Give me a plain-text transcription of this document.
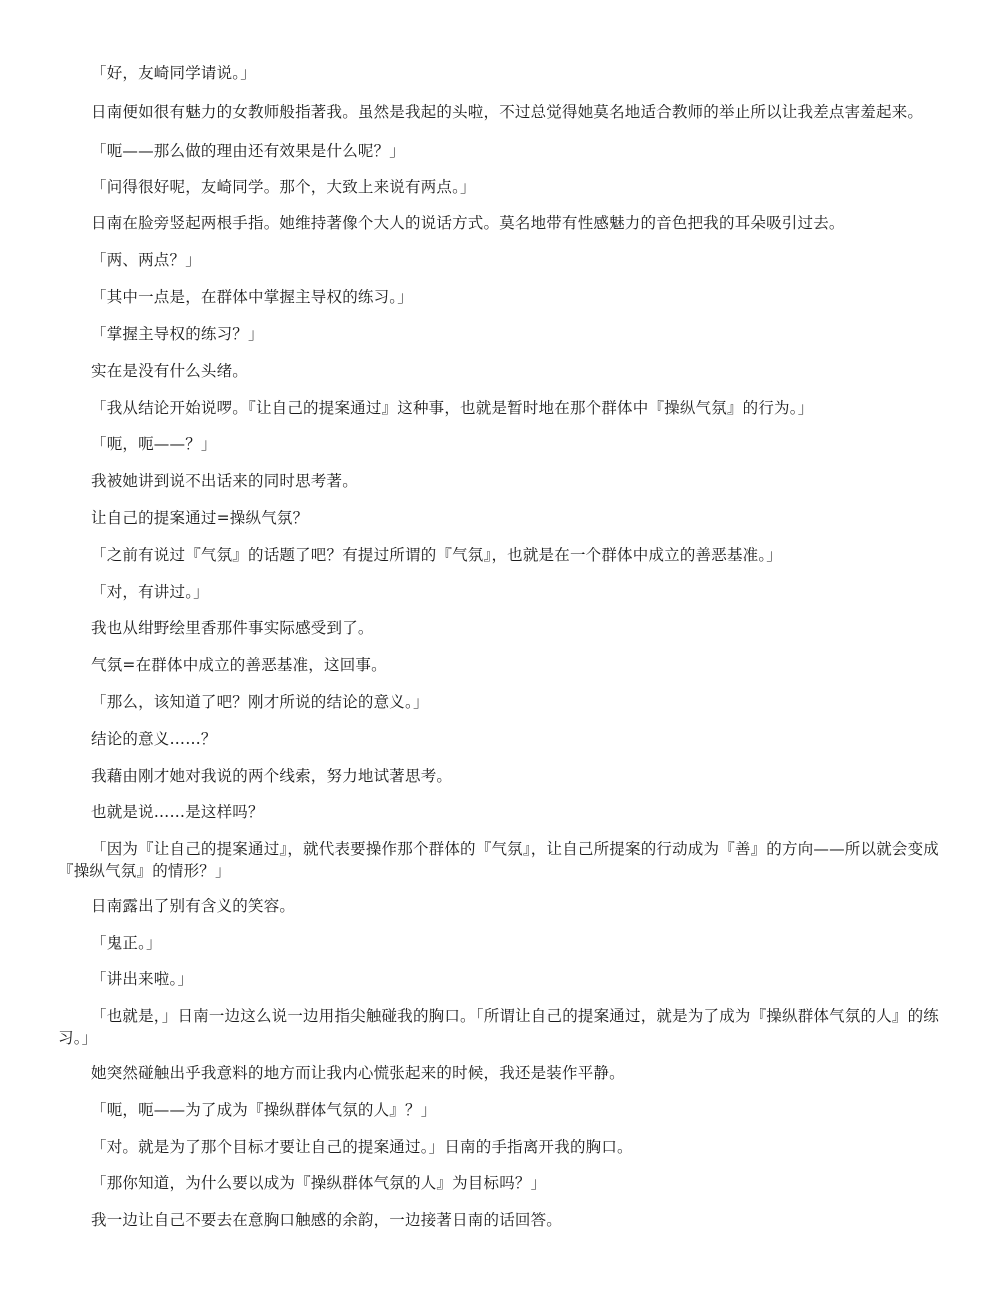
「好，友崎同学请说。」

日南便如很有魅力的女教师般指著我。虽然是我起的头啦，不过总觉得她莫名地适合教师的举止所以让我差点害羞起来。

「呃——那么做的理由还有效果是什么呢？」

「问得很好呢，友崎同学。那个，大致上来说有两点。」

日南在脸旁竖起两根手指。她维持著像个大人的说话方式。莫名地带有性感魅力的音色把我的耳朵吸引过去。

「两、两点？」

「其中一点是，在群体中掌握主导权的练习。」

「掌握主导权的练习？」

实在是没有什么头绪。

「我从结论开始说啰。『让自己的提案通过』这种事，也就是暂时地在那个群体中『操纵气氛』的行为。」

「呃，呃——？」

我被她讲到说不出话来的同时思考著。

让自己的提案通过=操纵气氛？

「之前有说过『气氛』的话题了吧？有提过所谓的『气氛』，也就是在一个群体中成立的善恶基准。」

「对，有讲过。」

我也从绀野绘里香那件事实际感受到了。

气氛=在群体中成立的善恶基准，这回事。

「那么，该知道了吧？刚才所说的结论的意义。」

结论的意义……？

我藉由刚才她对我说的两个线索，努力地试著思考。

也就是说……是这样吗？

「因为『让自己的提案通过』，就代表要操作那个群体的『气氛』，让自己所提案的行动成为『善』的方向——所以就会变成『操纵气氛』的情形？」

日南露出了别有含义的笑容。

「鬼正。」

「讲出来啦。」

「也就是，」日南一边这么说一边用指尖触碰我的胸口。「所谓让自己的提案通过，就是为了成为『操纵群体气氛的人』的练习。」

她突然碰触出乎我意料的地方而让我内心慌张起来的时候，我还是装作平静。

「呃，呃——为了成为『操纵群体气氛的人』？」

「对。就是为了那个目标才要让自己的提案通过。」日南的手指离开我的胸口。

「那你知道，为什么要以成为『操纵群体气氛的人』为目标吗？」

我一边让自己不要去在意胸口触感的余韵，一边接著日南的话回答。
